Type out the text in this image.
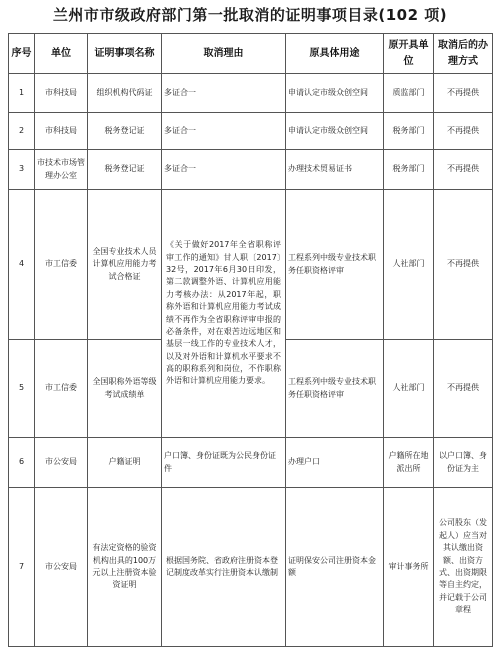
兰州市市级政府部门第一批取消的证明事项目录(102 项)
序号	单位	证明事项名称	取消理由	原具体用途	原开具单位	取消后的办理方式
1	市科技局	组织机构代码证	多证合一	申请认定市级众创空间	质监部门	不再提供
2	市科技局	税务登记证	多证合一	申请认定市级众创空间	税务部门	不再提供
3	市技术市场管理办公室	税务登记证	多证合一	办理技术贸易证书	税务部门	不再提供
4	市工信委	全国专业技术人员计算机应用能力考试合格证	《关于做好2017年全省职称评审工作的通知》甘人职〔2017〕32号，2017年6月30日印发，第二款调整外语、计算机应用能力考核办法：从2017年起，职称外语和计算机应用能力考试成绩不再作为全省职称评审申报的必备条件，对在艰苦边远地区和基层一线工作的专业技术人才，以及对外语和计算机水平要求不高的职称系列和岗位，不作职称外语和计算机应用能力要求。	工程系列中级专业技术职务任职资格评审	人社部门	不再提供
5	市工信委	全国职称外语等级考试成绩单		工程系列中级专业技术职务任职资格评审	人社部门	不再提供
6	市公安局	户籍证明	户口簿、身份证既为公民身份证件	办理户口	户籍所在地派出所	以户口簿、身份证为主
7	市公安局	有法定资格的验资机构出具的100万元以上注册资本验资证明	根据国务院、省政府注册资本登记制度改革实行注册资本认缴制	证明保安公司注册资本金额	审计事务所	公司股东（发起人）应当对其认缴出资额、出资方式、出资期限等自主约定，并记载于公司章程
